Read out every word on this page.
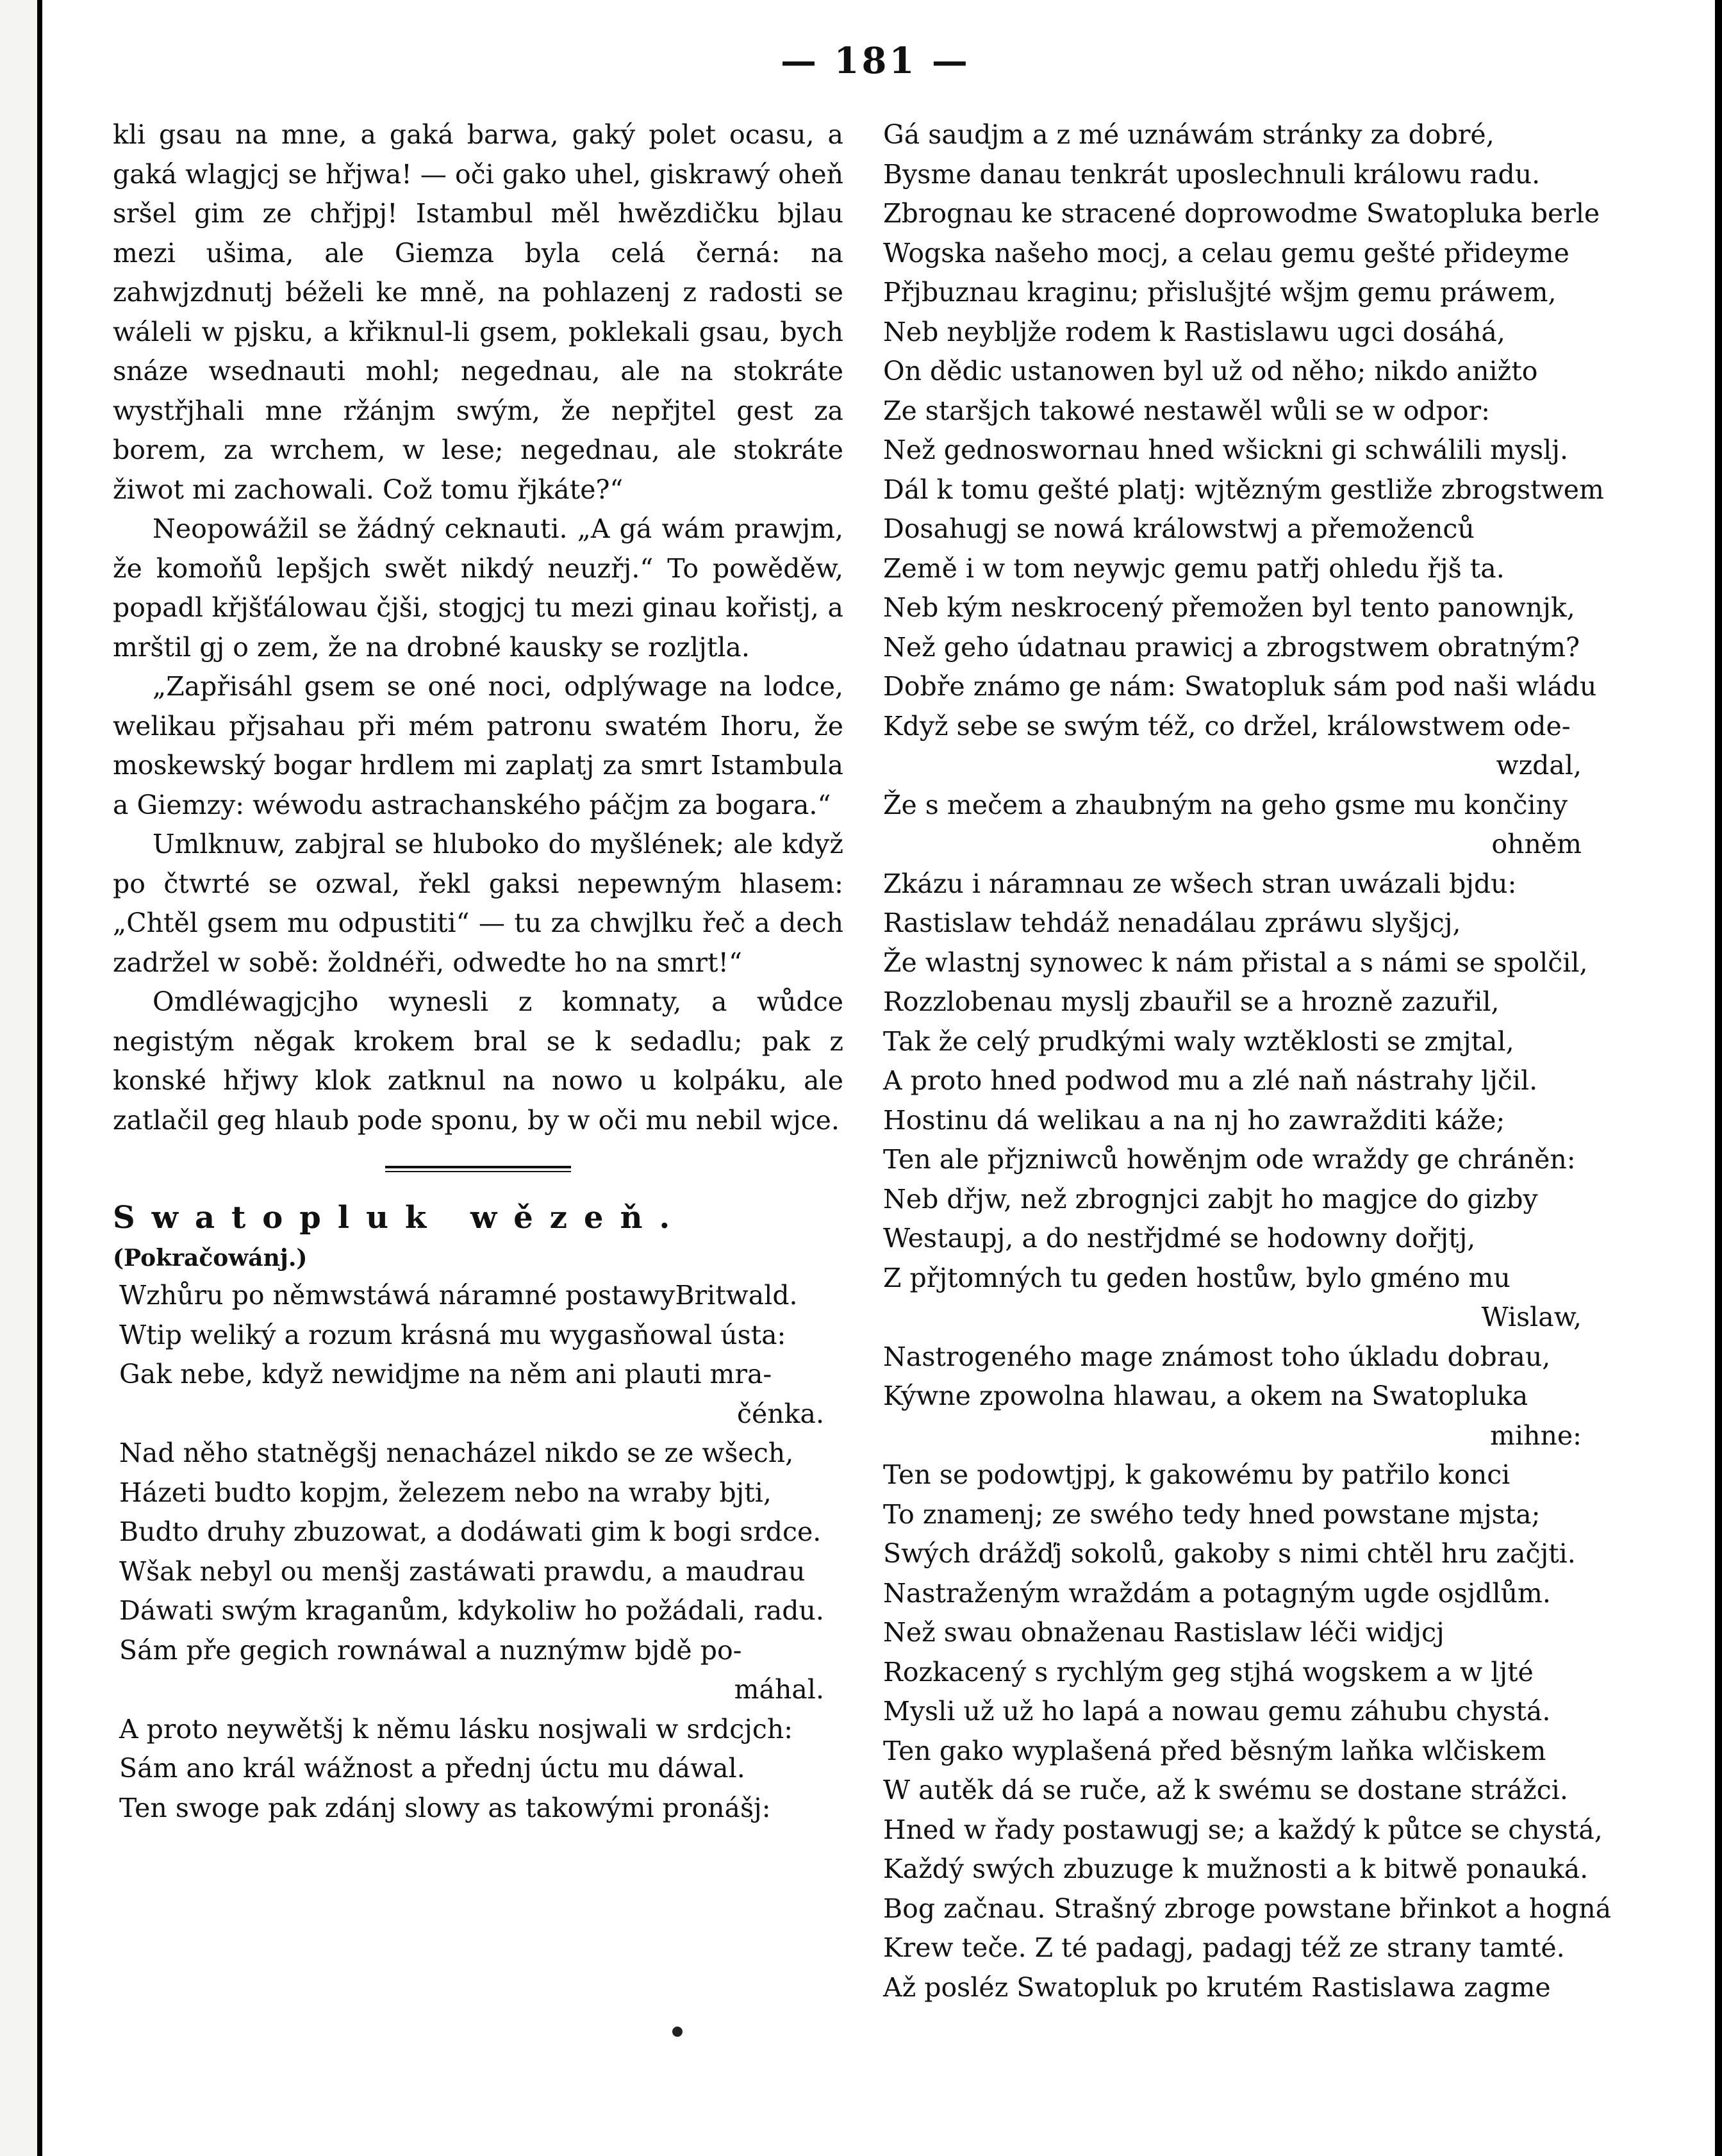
— 181 —

kli gsau na mne, a gaká barwa, gaký polet ocasu, a gaká wlagjcj se hřjwa! — oči gako uhel, giskrawý oheň sršel gim ze chřjpj! Istambul měl hwězdičku bjlau mezi ušima, ale Giemza byla celá černá: na zahwjzdnutj béželi ke mně, na pohlazenj z radosti se wáleli w pjsku, a křiknul-li gsem, poklekali gsau, bych snáze wsednauti mohl; negednau, ale na stokráte wystřjhali mne ržánjm swým, že nepřjtel gest za borem, za wrchem, w lese; negednau, ale stokráte žiwot mi zachowali. Což tomu řjkáte?“

Neopowážil se žádný ceknauti. „A gá wám prawjm, že komoňů lepšjch swět nikdý neuzřj.“ To powěděw, popadl křjšťálowau čjši, stogjcj tu mezi ginau kořistj, a mrštil gj o zem, že na drobné kausky se rozljtla.

„Zapřisáhl gsem se oné noci, odplýwage na lodce, welikau přjsahau při mém patronu swatém Ihoru, že moskewský bogar hrdlem mi zaplatj za smrt Istambula a Giemzy: wéwodu astrachanského páčjm za bogara.“

Umlknuw, zabjral se hluboko do myšlének; ale když po čtwrté se ozwal, řekl gaksi nepewným hlasem: „Chtěl gsem mu odpustiti“ — tu za chwjlku řeč a dech zadržel w sobě: žoldnéři, odwedte ho na smrt!“

Omdléwagjcjho wynesli z komnaty, a wůdce negistým něgak krokem bral se k sedadlu; pak z konské hřjwy klok zatknul na nowo u kolpáku, ale zatlačil geg hlaub pode sponu, by w oči mu nebil wjce.

Swatopluk wězeň.

(Pokračowánj.)

Wzhůru po němwstáwá náramné postawyBritwald.
Wtip weliký a rozum krásná mu wygasňowal ústa:
Gak nebe, když newidjme na něm ani plauti mra-
čénka.
Nad něho statněgšj nenacházel nikdo se ze wšech,
Házeti budto kopjm, železem nebo na wraby bjti,
Budto druhy zbuzowat, a dodáwati gim k bogi srdce.
Wšak nebyl ou menšj zastáwati prawdu, a maudrau
Dáwati swým kraganům, kdykoliw ho požádali, radu.
Sám pře gegich rownáwal a nuznýmw bjdě po-
máhal.
A proto neywětšj k němu lásku nosjwali w srdcjch:
Sám ano král wážnost a přednj úctu mu dáwal.
Ten swoge pak zdánj slowy as takowými pronášj:
Gá saudjm a z mé uznáwám stránky za dobré,
Bysme danau tenkrát uposlechnuli králowu radu.
Zbrognau ke stracené doprowodme Swatopluka berle
Wogska našeho mocj, a celau gemu gešté přideyme
Přjbuznau kraginu; přislušjté wšjm gemu práwem,
Neb neybljže rodem k Rastislawu ugci dosáhá,
On dědic ustanowen byl už od něho; nikdo anižto
Ze staršjch takowé nestawěl wůli se w odpor:
Než gednoswornau hned wšickni gi schwálili myslj.
Dál k tomu gešté platj: wjtězným gestliže zbrogstwem
Dosahugj se nowá králowstwj a přemoženců
Země i w tom neywjc gemu patřj ohledu řjš ta.
Neb kým neskrocený přemožen byl tento panownjk,
Než geho údatnau prawicj a zbrogstwem obratným?
Dobře známo ge nám: Swatopluk sám pod naši wládu
Když sebe se swým též, co držel, králowstwem ode-
wzdal,
Že s mečem a zhaubným na geho gsme mu končiny
ohněm
Zkázu i náramnau ze wšech stran uwázali bjdu:
Rastislaw tehdáž nenadálau zpráwu slyšjcj,
Že wlastnj synowec k nám přistal a s námi se spolčil,
Rozzlobenau myslj zbauřil se a hrozně zazuřil,
Tak že celý prudkými waly wztěklosti se zmjtal,
A proto hned podwod mu a zlé naň nástrahy ljčil.
Hostinu dá welikau a na nj ho zawražditi káže;
Ten ale přjzniwců howěnjm ode wraždy ge chráněn:
Neb dřjw, než zbrognjci zabjt ho magjce do gizby
Westaupj, a do nestřjdmé se hodowny dořjtj,
Z přjtomných tu geden hostůw, bylo gméno mu
Wislaw,
Nastrogeného mage známost toho úkladu dobrau,
Kýwne zpowolna hlawau, a okem na Swatopluka
mihne:
Ten se podowtjpj, k gakowému by patřilo konci
To znamenj; ze swého tedy hned powstane mjsta;
Swých drážďj sokolů, gakoby s nimi chtěl hru začjti.
Nastraženým wraždám a potagným ugde osjdlům.
Než swau obnaženau Rastislaw léči widjcj
Rozkacený s rychlým geg stjhá wogskem a w ljté
Mysli už už ho lapá a nowau gemu záhubu chystá.
Ten gako wyplašená před běsným laňka wlčiskem
W autěk dá se ruče, až k swému se dostane strážci.
Hned w řady postawugj se; a každý k půtce se chystá,
Každý swých zbuzuge k mužnosti a k bitwě ponauká.
Bog začnau. Strašný zbroge powstane břinkot a hogná
Krew teče. Z té padagj, padagj též ze strany tamté.
Až posléz Swatopluk po krutém Rastislawa zagme
